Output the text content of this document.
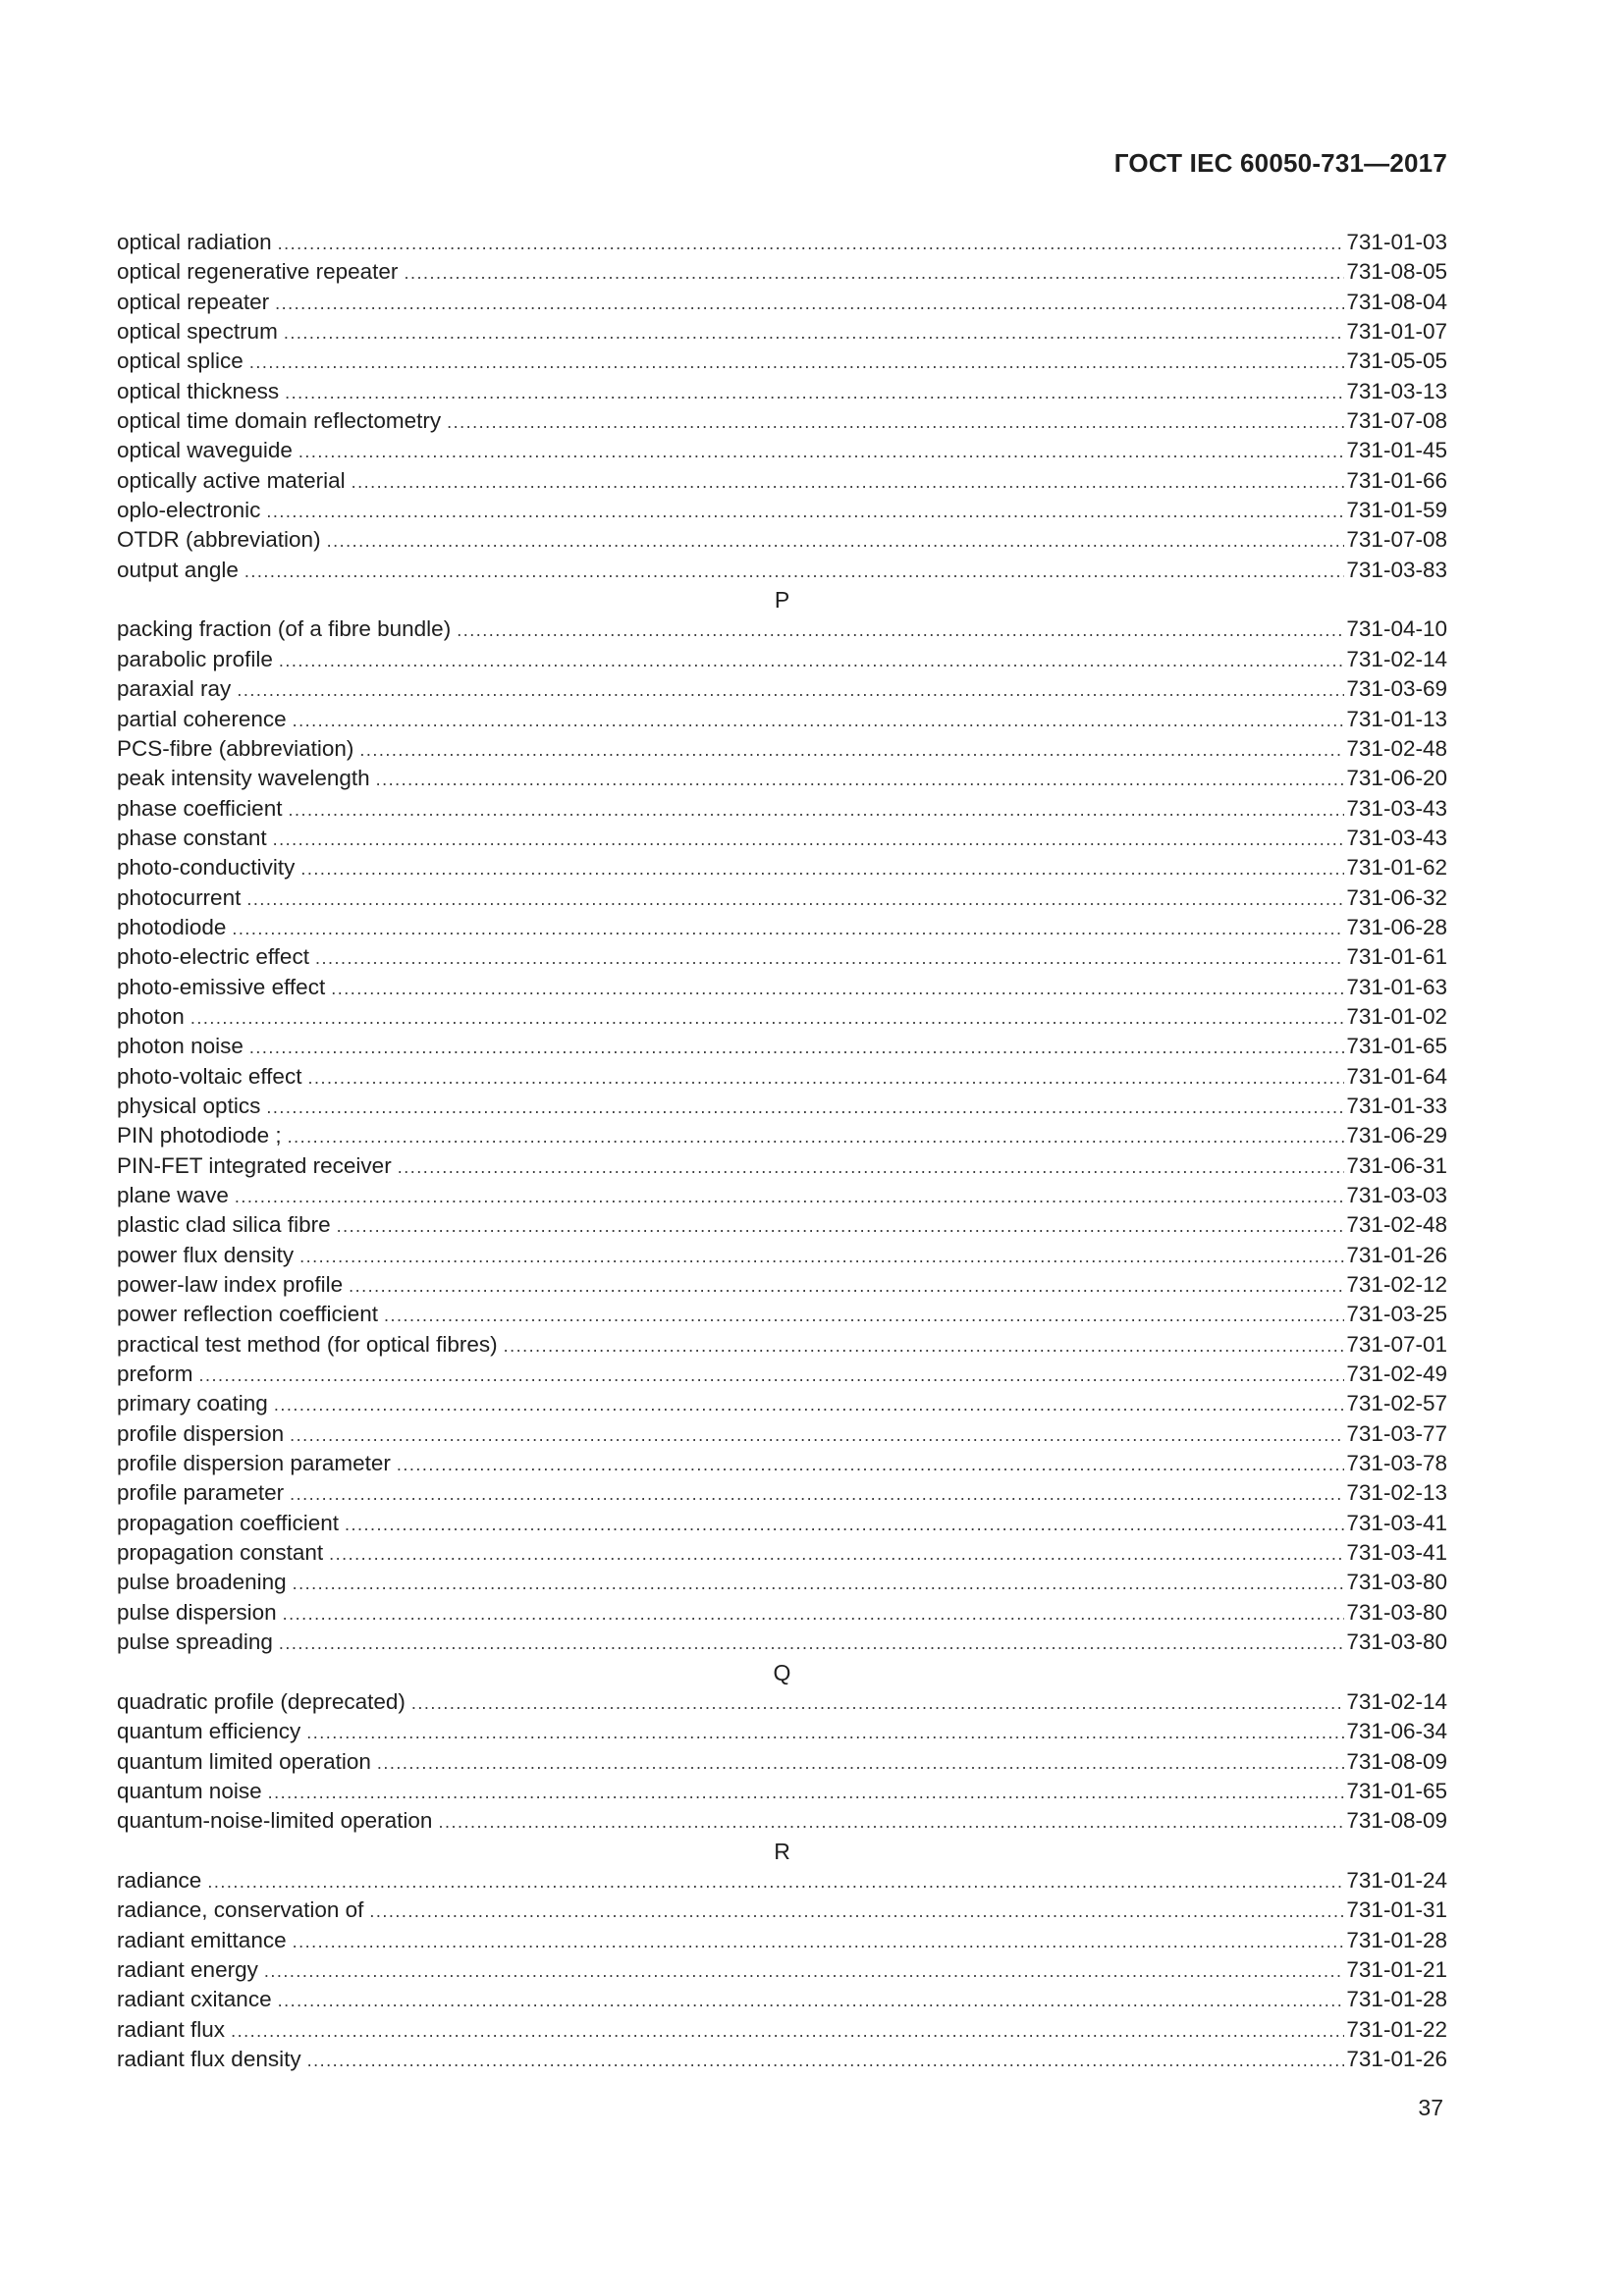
ГОСТ IEC 60050-731—2017
optical radiation .....	731-01-03
optical regenerative repeater .....	731-08-05
optical repeater .....	731-08-04
optical spectrum .....	731-01-07
optical splice .....	731-05-05
optical thickness .....	731-03-13
optical time domain reflectometry .....	731-07-08
optical waveguide .....	731-01-45
optically active material .....	731-01-66
oplo-electronic .....	731-01-59
OTDR (abbreviation) .....	731-07-08
output angle .....	731-03-83
P
packing fraction (of a fibre bundle) .....	731-04-10
parabolic profile .....	731-02-14
paraxial ray .....	731-03-69
partial coherence .....	731-01-13
PCS-fibre (abbreviation) .....	731-02-48
peak intensity wavelength .....	731-06-20
phase coefficient .....	731-03-43
phase constant .....	731-03-43
photo-conductivity .....	731-01-62
photocurrent .....	731-06-32
photodiode .....	731-06-28
photo-electric effect .....	731-01-61
photo-emissive effect .....	731-01-63
photon .....	731-01-02
photon noise .....	731-01-65
photo-voltaic effect .....	731-01-64
physical optics .....	731-01-33
PIN photodiode ; .....	731-06-29
PIN-FET integrated receiver .....	731-06-31
plane wave .....	731-03-03
plastic clad silica fibre .....	731-02-48
power flux density .....	731-01-26
power-law index profile .....	731-02-12
power reflection coefficient .....	731-03-25
practical test method (for optical fibres) .....	731-07-01
preform .....	731-02-49
primary coating .....	731-02-57
profile dispersion .....	731-03-77
profile dispersion parameter .....	731-03-78
profile parameter .....	731-02-13
propagation coefficient .....	731-03-41
propagation constant .....	731-03-41
pulse broadening .....	731-03-80
pulse dispersion .....	731-03-80
pulse spreading .....	731-03-80
Q
quadratic profile (deprecated) .....	731-02-14
quantum efficiency .....	731-06-34
quantum limited operation .....	731-08-09
quantum noise .....	731-01-65
quantum-noise-limited operation .....	731-08-09
R
radiance .....	731-01-24
radiance, conservation of .....	731-01-31
radiant emittance .....	731-01-28
radiant energy .....	731-01-21
radiant cxitance .....	731-01-28
radiant flux .....	731-01-22
radiant flux density .....	731-01-26
37
